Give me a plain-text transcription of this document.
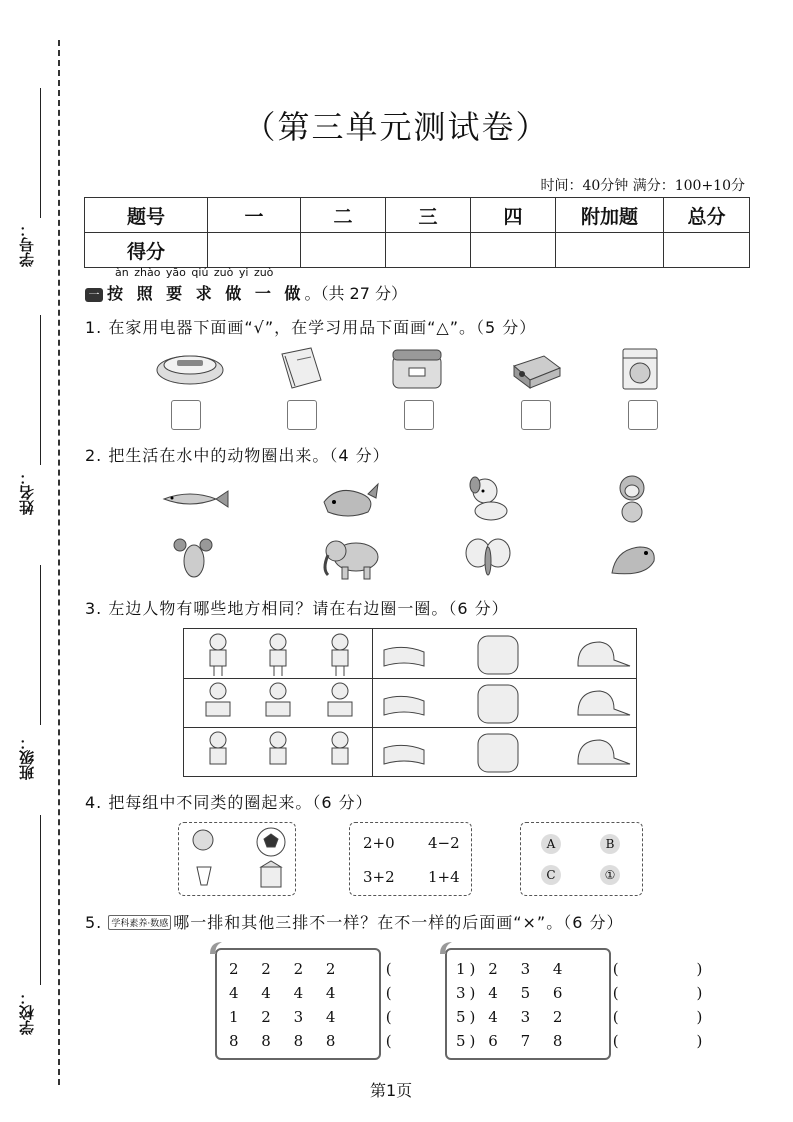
学号：
姓名：
班级：
学校：
（第三单元测试卷）
时间：40分钟 满分：100+10分
题号	一	二	三	四	附加题	总分
得分						
àn zhào yāo qiú zuò yi zuò
一 按 照 要 求 做 一 做。（共 27 分）
1. 在家用电器下面画“√”，在学习用品下面画“△”。（5 分）
2. 把生活在水中的动物圈出来。（4 分）
3. 左边人物有哪些地方相同？请在右边圈一圈。（6 分）
4. 把每组中不同类的圈起来。（6 分）
2+0 4−2
3+2 1+4
A	B
C	①
5. 学科素养·数感 哪一排和其他三排不一样？在不一样的后面画“×”。（6 分）
2 2 2 2	(     )
4 4 4 4	(     )
1 2 3 4	(     )
8 8 8 8	(     )
1 2 3 4	(     )
3 4 5 6	(     )
5 4 3 2	(     )
5 6 7 8	(     )
第1页
